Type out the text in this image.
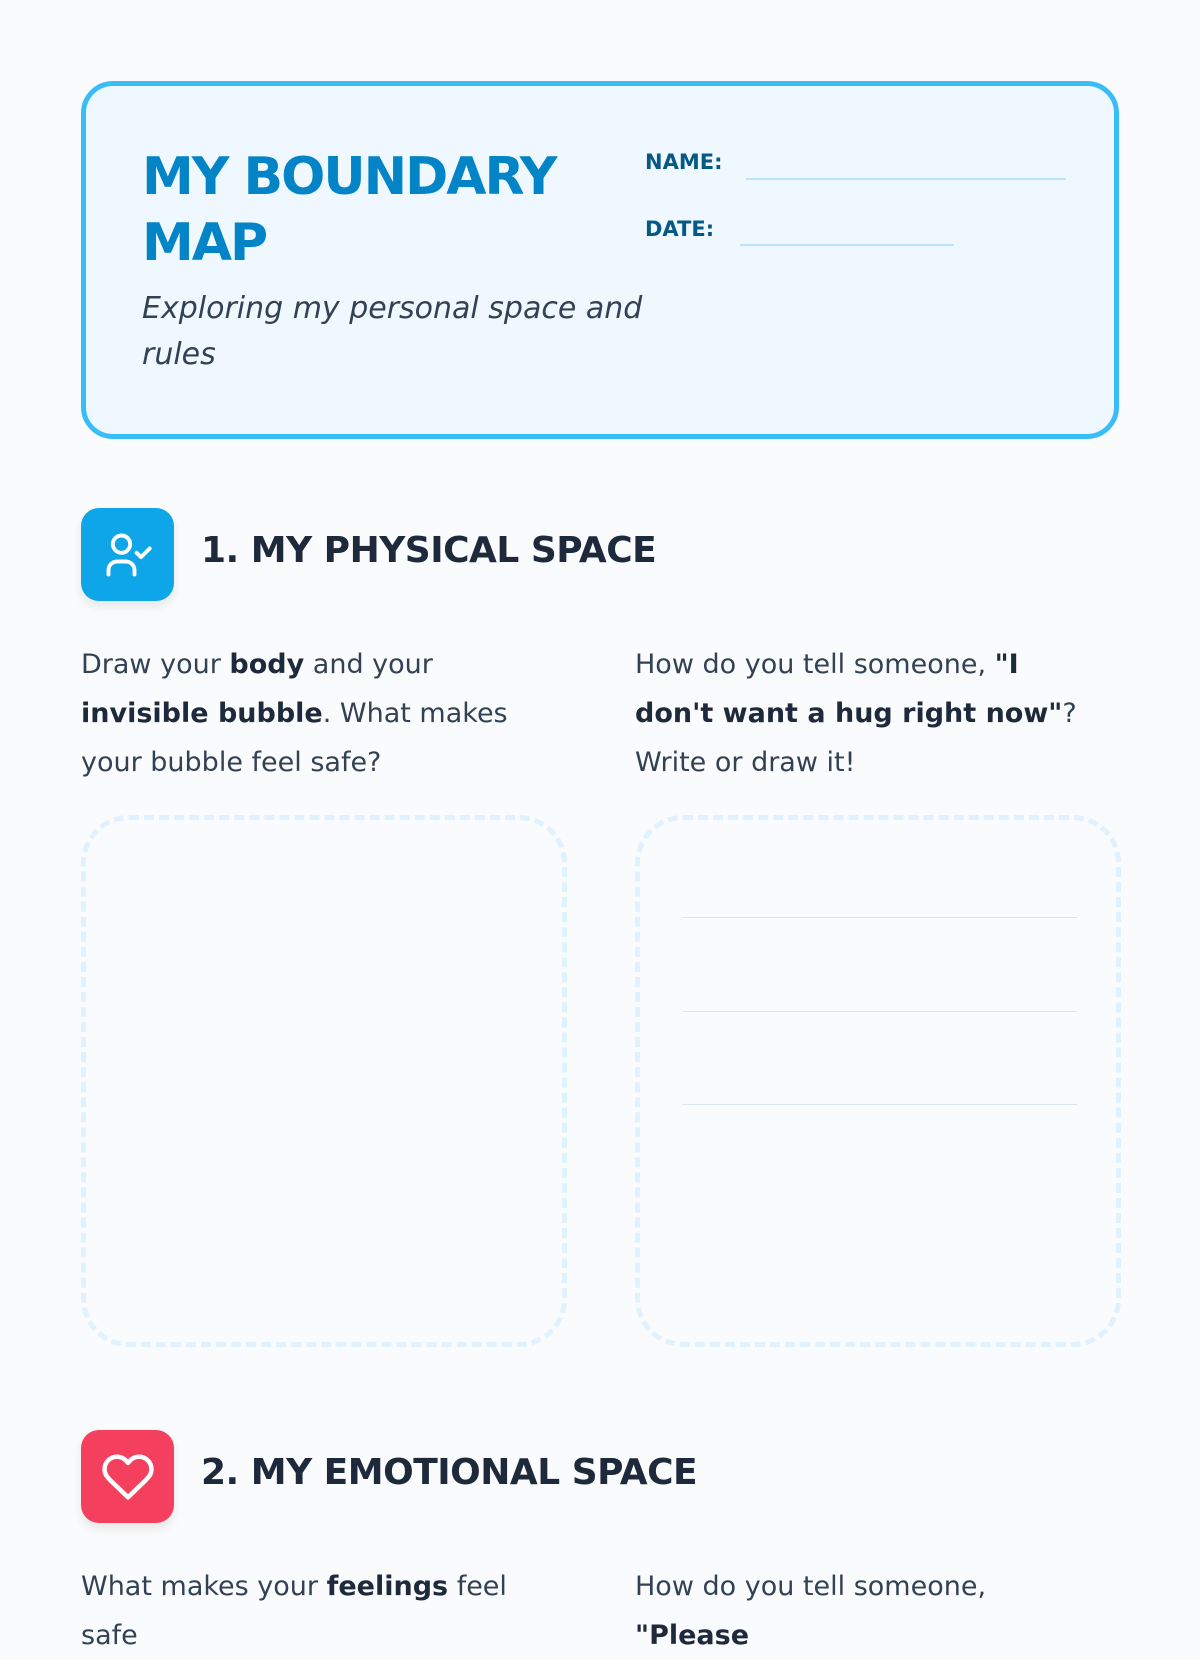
MY BOUNDARY MAP
Exploring my personal space and rules
NAME:
DATE:
1. MY PHYSICAL SPACE
Draw your body and your invisible bubble. What makes your bubble feel safe?
How do you tell someone, "I don't want a hug right now"? Write or draw it!
2. MY EMOTIONAL SPACE
What makes your feelings feel safe
How do you tell someone, "Please
